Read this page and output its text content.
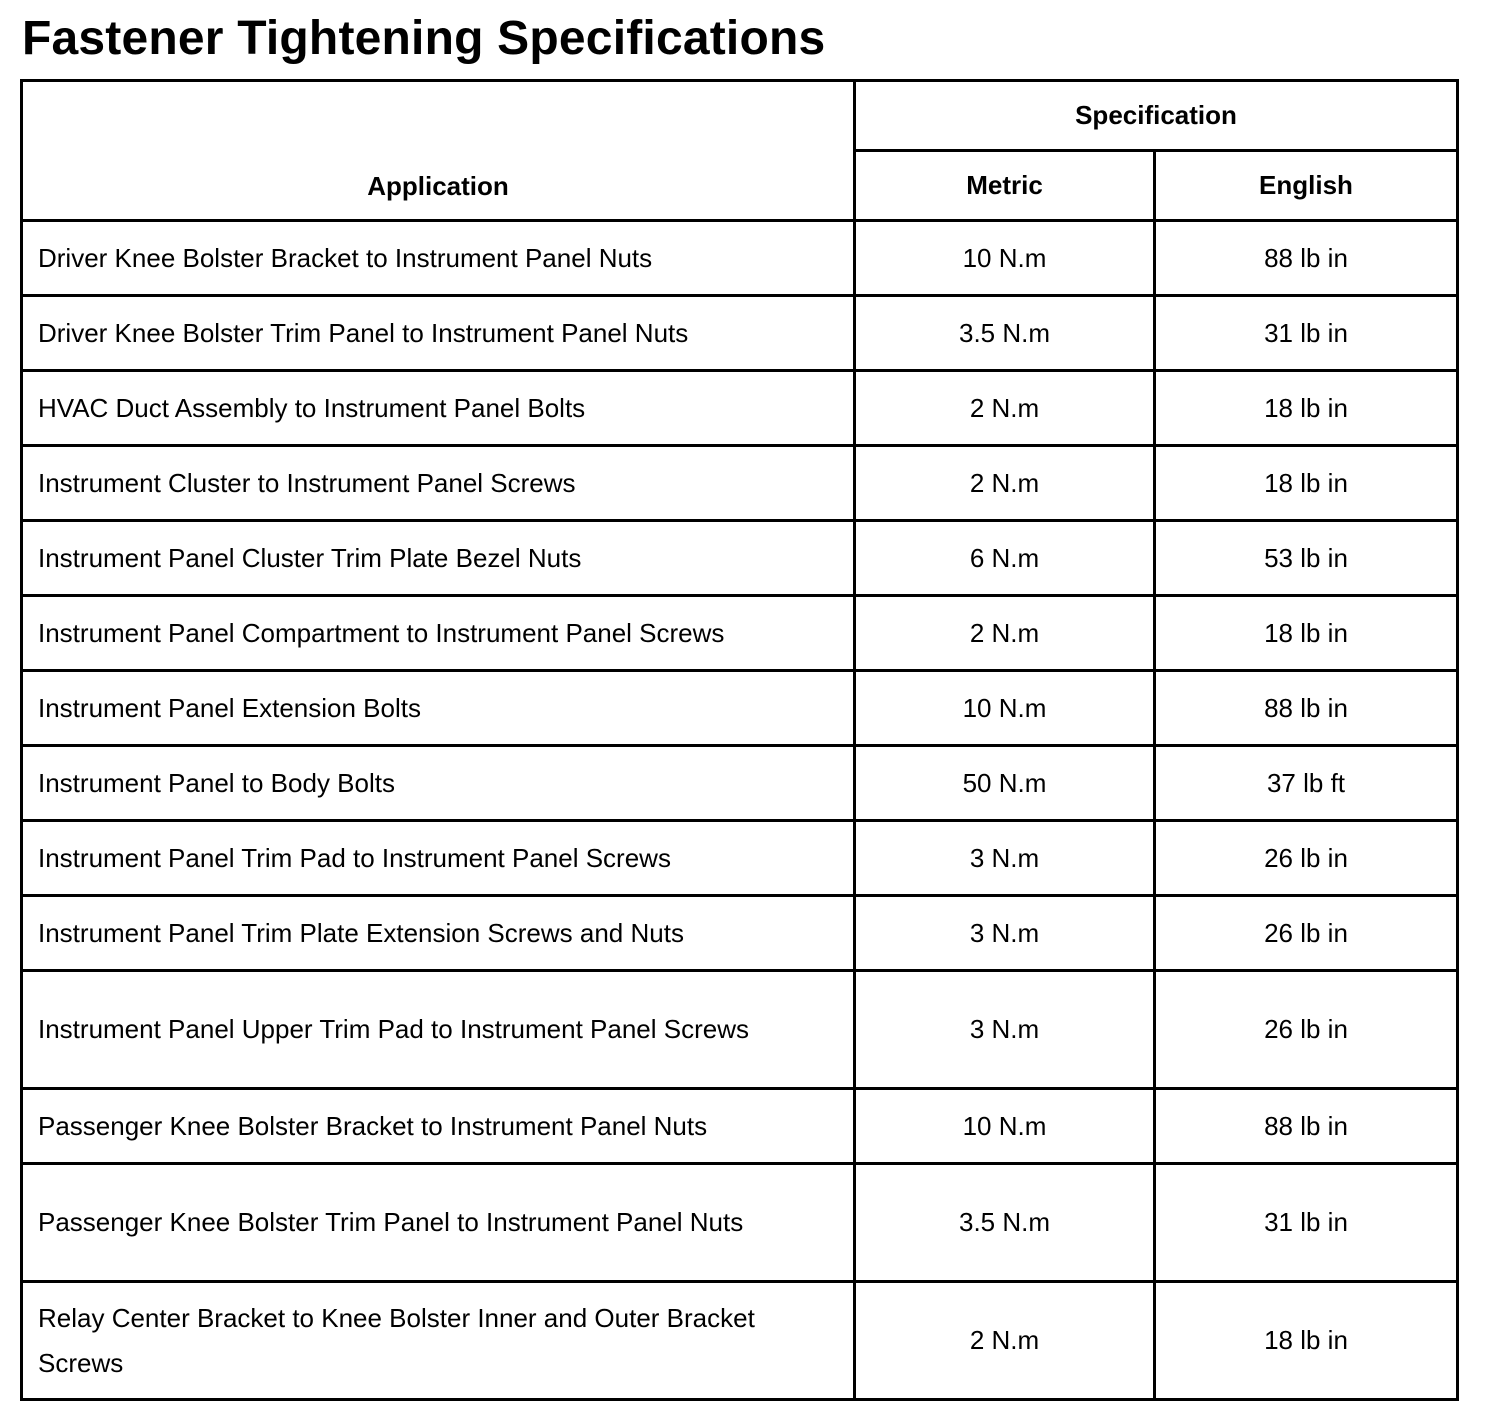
Fastener Tightening Specifications
Application	Specification	
	Metric	English
Driver Knee Bolster Bracket to Instrument Panel Nuts	10 N.m	88 lb in
Driver Knee Bolster Trim Panel to Instrument Panel Nuts	3.5 N.m	31 lb in
HVAC Duct Assembly to Instrument Panel Bolts	2 N.m	18 lb in
Instrument Cluster to Instrument Panel Screws	2 N.m	18 lb in
Instrument Panel Cluster Trim Plate Bezel Nuts	6 N.m	53 lb in
Instrument Panel Compartment to Instrument Panel Screws	2 N.m	18 lb in
Instrument Panel Extension Bolts	10 N.m	88 lb in
Instrument Panel to Body Bolts	50 N.m	37 lb ft
Instrument Panel Trim Pad to Instrument Panel Screws	3 N.m	26 lb in
Instrument Panel Trim Plate Extension Screws and Nuts	3 N.m	26 lb in
Instrument Panel Upper Trim Pad to Instrument Panel Screws	3 N.m	26 lb in
Passenger Knee Bolster Bracket to Instrument Panel Nuts	10 N.m	88 lb in
Passenger Knee Bolster Trim Panel to Instrument Panel Nuts	3.5 N.m	31 lb in
Relay Center Bracket to Knee Bolster Inner and Outer Bracket Screws	2 N.m	18 lb in
